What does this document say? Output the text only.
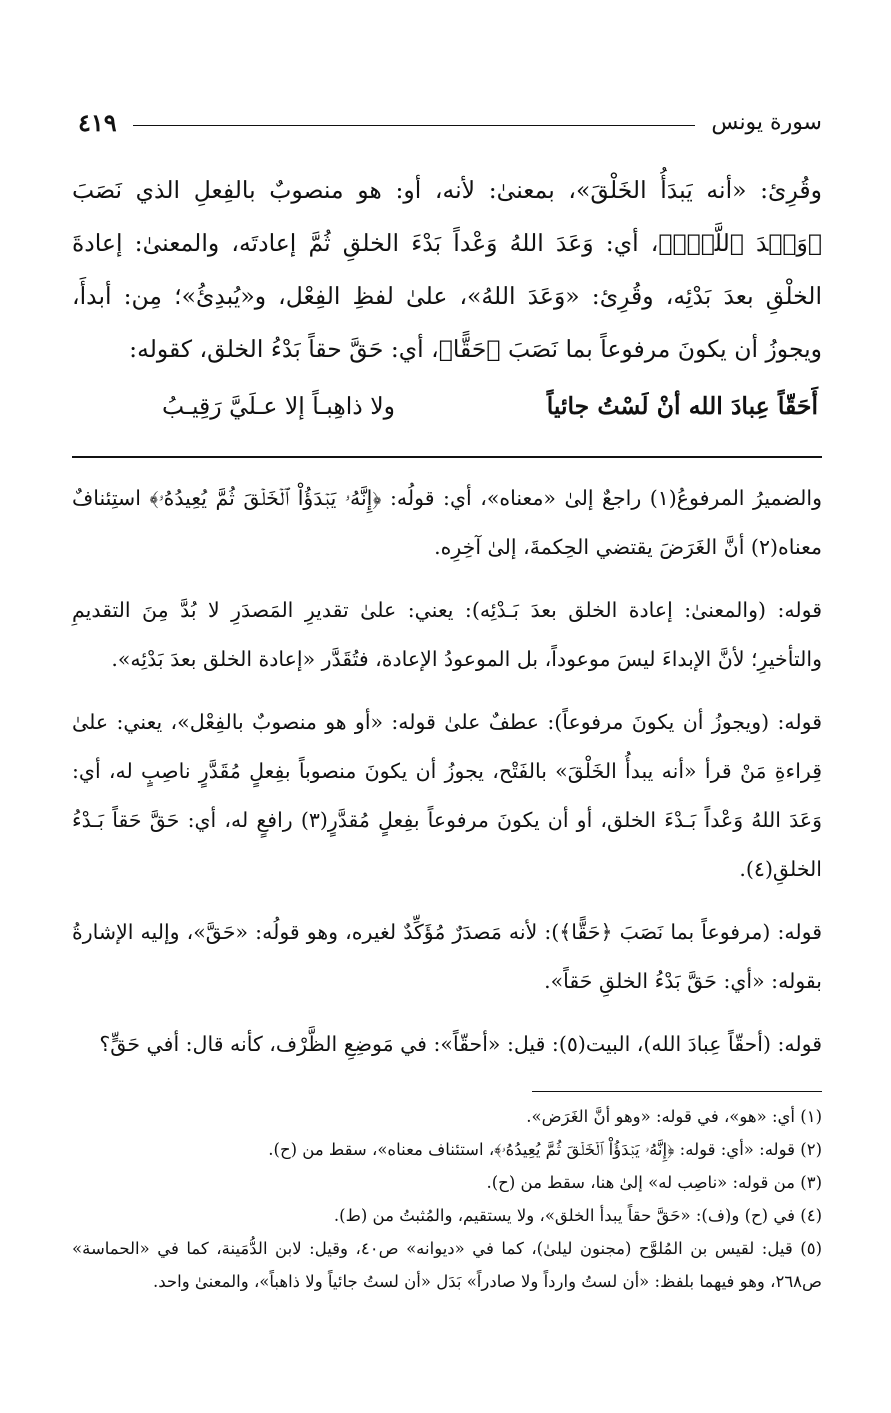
سورة يونس
٤١٩

وقُرِئ: «أنه يَبدَأُ الخَلْقَ»، بمعنىٰ: لأنه، أو: هو منصوبٌ بالفِعلِ الذي نَصَبَ ﴿وَعۡدَ ٱللَّهِۚ﴾، أي: وَعَدَ اللهُ وَعْداً بَدْءَ الخلقِ ثُمَّ إعادتَه، والمعنىٰ: إعادةَ الخلْقِ بعدَ بَدْئِه، وقُرِئ: «وَعَدَ اللهُ»، علىٰ لفظِ الفِعْل، و«يُبدِئُ»؛ مِن: أبدأَ، ويجوزُ أن يكونَ مرفوعاً بما نَصَبَ ﴿حَقًّا﴾، أي: حَقَّ حقاً بَدْءُ الخلق، كقوله:

أَحَقّاً عِبادَ الله أنْ لَسْتُ جائياً
ولا ذاهِبـاً إلا عـلَيَّ رَقِيـبُ

والضميرُ المرفوعُ(١) راجعٌ إلىٰ «معناه»، أي: قولُه: ﴿إِنَّهُۥ يَبۡدَؤُاْ ٱلۡخَلۡقَ ثُمَّ يُعِيدُهُۥ﴾ استِئنافٌ معناه(٢) أنَّ الغَرَضَ يقتضي الحِكمةَ، إلىٰ آخِرِه.

قوله: (والمعنىٰ: إعادة الخلق بعدَ بَـدْئِه): يعني: علىٰ تقديرِ المَصدَرِ لا بُدَّ مِنَ التقديمِ والتأخيرِ؛ لأنَّ الإبداءَ ليسَ موعوداً، بل الموعودُ الإعادة، فتُقَدَّر «إعادة الخلق بعدَ بَدْئِه».

قوله: (ويجوزُ أن يكونَ مرفوعاً): عطفٌ علىٰ قوله: «أو هو منصوبٌ بالفِعْل»، يعني: علىٰ قِراءةِ مَنْ قرأ «أنه يبدأُ الخَلْقَ» بالفَتْح، يجوزُ أن يكونَ منصوباً بفِعلٍ مُقَدَّرٍ ناصِبٍ له، أي: وَعَدَ اللهُ وَعْداً بَـدْءَ الخلق، أو أن يكونَ مرفوعاً بفِعلٍ مُقدَّرٍ(٣) رافعٍ له، أي: حَقَّ حَقاً بَـدْءُ الخلقِ(٤).

قوله: (مرفوعاً بما نَصَبَ ﴿حَقًّا﴾): لأنه مَصدَرٌ مُؤَكِّدٌ لغيره، وهو قولُه: «حَقَّ»، وإليه الإشارةُ بقوله: «أي: حَقَّ بَدْءُ الخلقِ حَقاً».

قوله: (أحقّاً عِبادَ الله)، البيت(٥): قيل: «أحقّاً»: في مَوضِعِ الظَّرْف، كأنه قال: أفي حَقٍّ؟

(١) أي: «هو»، في قوله: «وهو أنَّ الغَرَض».

(٢) قوله: «أي: قوله: ﴿إِنَّهُۥ يَبۡدَؤُاْ ٱلۡخَلۡقَ ثُمَّ يُعِيدُهُۥ﴾، استئناف معناه»، سقط من (ح).

(٣) من قوله: «ناصِب له» إلىٰ هنا، سقط من (ح).

(٤) في (ح) و(ف): «حَقَّ حقاً يبدأ الخلق»، ولا يستقيم، والمُثبتُ من (ط).

(٥) قيل: لقيس بن المُلوَّح (مجنون ليلىٰ)، كما في «ديوانه» ص٤٠، وقيل: لابن الدُّمَينة، كما في «الحماسة» ص٢٦٨، وهو فيهما بلفظ: «أن لستُ وارداً ولا صادراً» بَدَل «أن لستُ جائياً ولا ذاهباً»، والمعنىٰ واحد.
